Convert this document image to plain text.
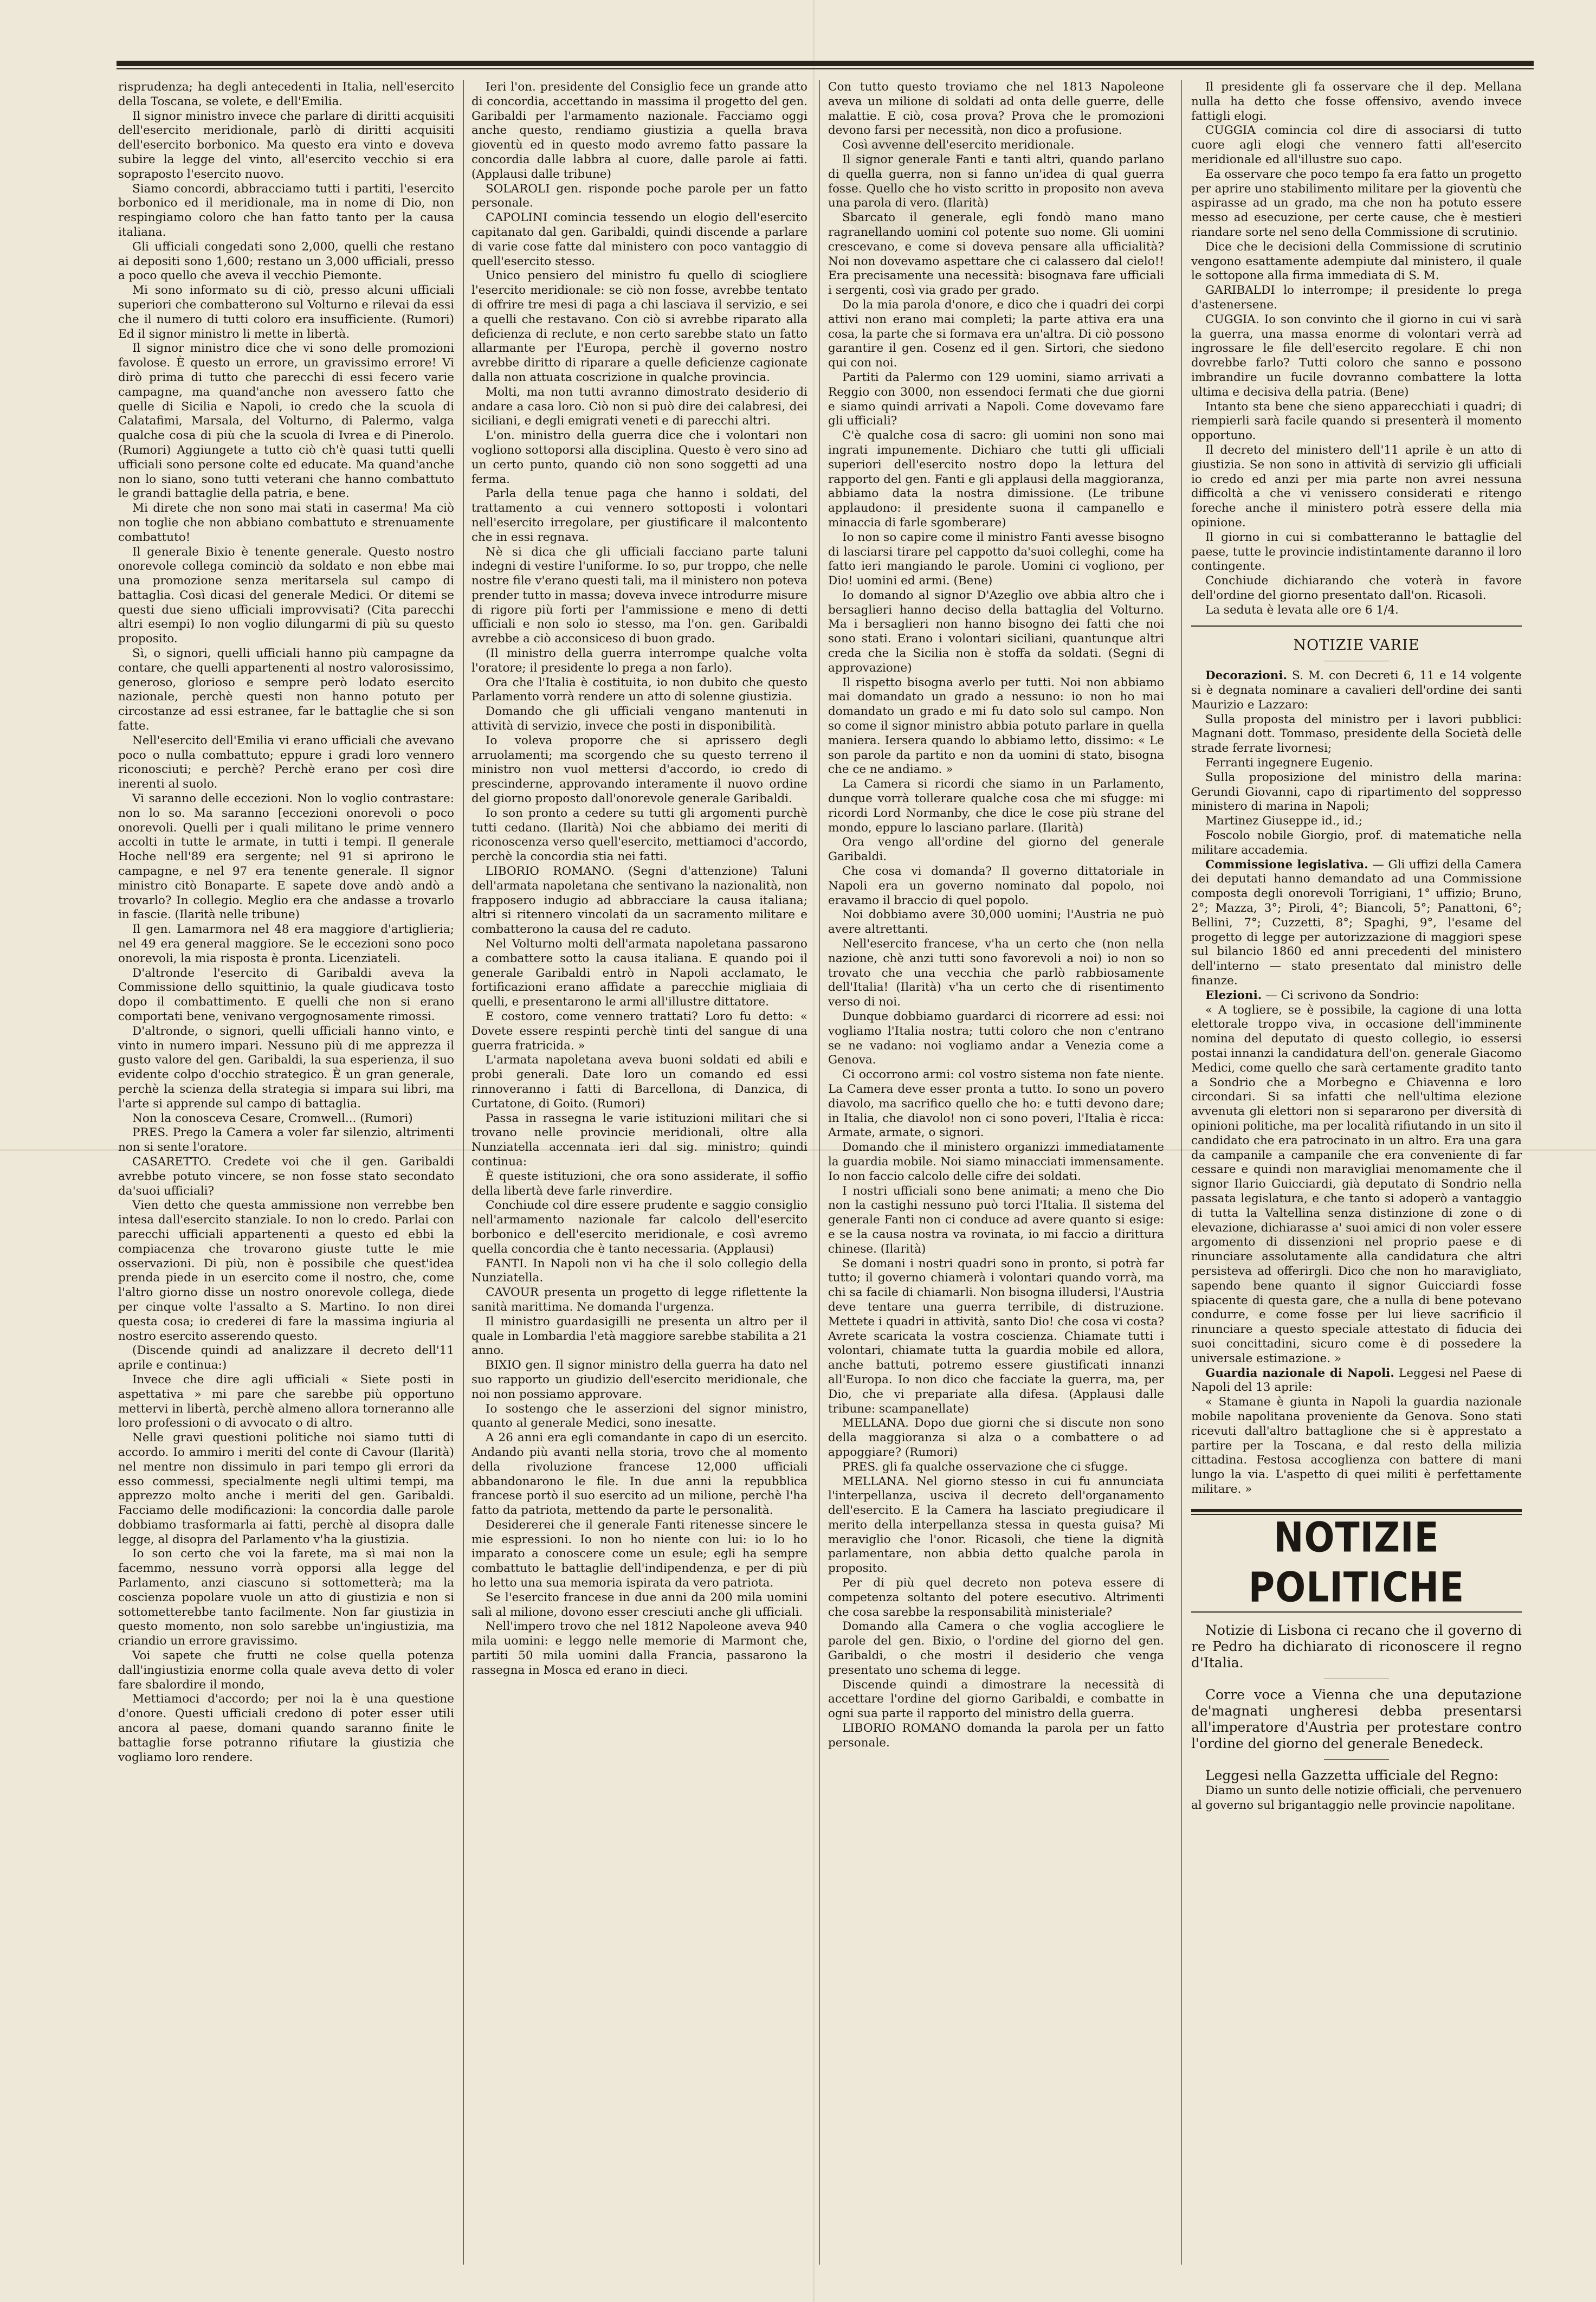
risprudenza; ha degli antecedenti in Italia, nell'esercito della Toscana, se volete, e dell'Emilia.

Il signor ministro invece che parlare di diritti acquisiti dell'esercito meridionale, parlò di diritti acquisiti dell'esercito borbonico. Ma questo era vinto e doveva subire la legge del vinto, all'esercito vecchio si era sopraposto l'esercito nuovo.

Siamo concordi, abbracciamo tutti i partiti, l'esercito borbonico ed il meridionale, ma in nome di Dio, non respingiamo coloro che han fatto tanto per la causa italiana.

Gli ufficiali congedati sono 2,000, quelli che restano ai depositi sono 1,600; restano un 3,000 ufficiali, presso a poco quello che aveva il vecchio Piemonte.

Mi sono informato su di ciò, presso alcuni ufficiali superiori che combatterono sul Volturno e rilevai da essi che il numero di tutti coloro era insufficiente. (Rumori) Ed il signor ministro li mette in libertà.

Il signor ministro dice che vi sono delle promozioni favolose. È questo un errore, un gravissimo errore! Vi dirò prima di tutto che parecchi di essi fecero varie campagne, ma quand'anche non avessero fatto che quelle di Sicilia e Napoli, io credo che la scuola di Calatafimi, Marsala, del Volturno, di Palermo, valga qualche cosa di più che la scuola di Ivrea e di Pinerolo. (Rumori) Aggiungete a tutto ciò ch'è quasi tutti quelli ufficiali sono persone colte ed educate. Ma quand'anche non lo siano, sono tutti veterani che hanno combattuto le grandi battaglie della patria, e bene.

Mi direte che non sono mai stati in caserma! Ma ciò non toglie che non abbiano combattuto e strenuamente combattuto!

Il generale Bixio è tenente generale. Questo nostro onorevole collega cominciò da soldato e non ebbe mai una promozione senza meritarsela sul campo di battaglia. Così dicasi del generale Medici. Or ditemi se questi due sieno ufficiali improvvisati? (Cita parecchi altri esempi) Io non voglio dilungarmi di più su questo proposito.

Sì, o signori, quelli ufficiali hanno più campagne da contare, che quelli appartenenti al nostro valorosissimo, generoso, glorioso e sempre però lodato esercito nazionale, perchè questi non hanno potuto per circostanze ad essi estranee, far le battaglie che si son fatte.

Nell'esercito dell'Emilia vi erano ufficiali che avevano poco o nulla combattuto; eppure i gradi loro vennero riconosciuti; e perchè? Perchè erano per così dire inerenti al suolo.

Vi saranno delle eccezioni. Non lo voglio contrastare: non lo so. Ma saranno [eccezioni onorevoli o poco onorevoli. Quelli per i quali militano le prime vennero accolti in tutte le armate, in tutti i tempi. Il generale Hoche nell'89 era sergente; nel 91 si aprirono le campagne, e nel 97 era tenente generale. Il signor ministro citò Bonaparte. E sapete dove andò andò a trovarlo? In collegio. Meglio era che andasse a trovarlo in fascie. (Ilarità nelle tribune)

Il gen. Lamarmora nel 48 era maggiore d'artiglieria; nel 49 era general maggiore. Se le eccezioni sono poco onorevoli, la mia risposta è pronta. Licenziateli.

D'altronde l'esercito di Garibaldi aveva la Commissione dello squittinio, la quale giudicava tosto dopo il combattimento. E quelli che non si erano comportati bene, venivano vergognosamente rimossi.

D'altronde, o signori, quelli ufficiali hanno vinto, e vinto in numero impari. Nessuno più di me apprezza il gusto valore del gen. Garibaldi, la sua esperienza, il suo evidente colpo d'occhio strategico. È un gran generale, perchè la scienza della strategia si impara sui libri, ma l'arte si apprende sul campo di battaglia.

Non la conosceva Cesare, Cromwell... (Rumori)

PRES. Prego la Camera a voler far silenzio, altrimenti non si sente l'oratore.

CASARETTO. Credete voi che il gen. Garibaldi avrebbe potuto vincere, se non fosse stato secondato da'suoi ufficiali?

Vien detto che questa ammissione non verrebbe ben intesa dall'esercito stanziale. Io non lo credo. Parlai con parecchi ufficiali appartenenti a questo ed ebbi la compiacenza che trovarono giuste tutte le mie osservazioni. Di più, non è possibile che quest'idea prenda piede in un esercito come il nostro, che, come l'altro giorno disse un nostro onorevole collega, diede per cinque volte l'assalto a S. Martino. Io non direi questa cosa; io crederei di fare la massima ingiuria al nostro esercito asserendo questo.

(Discende quindi ad analizzare il decreto dell'11 aprile e continua:)

Invece che dire agli ufficiali « Siete posti in aspettativa » mi pare che sarebbe più opportuno mettervi in libertà, perchè almeno allora torneranno alle loro professioni o di avvocato o di altro.

Nelle gravi questioni politiche noi siamo tutti di accordo. Io ammiro i meriti del conte di Cavour (Ilarità) nel mentre non dissimulo in pari tempo gli errori da esso commessi, specialmente negli ultimi tempi, ma apprezzo molto anche i meriti del gen. Garibaldi. Facciamo delle modificazioni: la concordia dalle parole dobbiamo trasformarla ai fatti, perchè al disopra dalle legge, al disopra del Parlamento v'ha la giustizia.

Io son certo che voi la farete, ma sì mai non la facemmo, nessuno vorrà opporsi alla legge del Parlamento, anzi ciascuno si sottometterà; ma la coscienza popolare vuole un atto di giustizia e non si sottometterebbe tanto facilmente. Non far giustizia in questo momento, non solo sarebbe un'ingiustizia, ma criandio un errore gravissimo.

Voi sapete che frutti ne colse quella potenza dall'ingiustizia enorme colla quale aveva detto di voler fare sbalordire il mondo,

Mettiamoci d'accordo; per noi la è una questione d'onore. Questi ufficiali credono di poter esser utili ancora al paese, domani quando saranno finite le battaglie forse potranno rifiutare la giustizia che vogliamo loro rendere.

Ieri l'on. presidente del Consiglio fece un grande atto di concordia, accettando in massima il progetto del gen. Garibaldi per l'armamento nazionale. Facciamo oggi anche questo, rendiamo giustizia a quella brava gioventù ed in questo modo avremo fatto passare la concordia dalle labbra al cuore, dalle parole ai fatti. (Applausi dalle tribune)

SOLAROLI gen. risponde poche parole per un fatto personale.

CAPOLINI comincia tessendo un elogio dell'esercito capitanato dal gen. Garibaldi, quindi discende a parlare di varie cose fatte dal ministero con poco vantaggio di quell'esercito stesso.

Unico pensiero del ministro fu quello di sciogliere l'esercito meridionale: se ciò non fosse, avrebbe tentato di offrire tre mesi di paga a chi lasciava il servizio, e sei a quelli che restavano. Con ciò si avrebbe riparato alla deficienza di reclute, e non certo sarebbe stato un fatto allarmante per l'Europa, perchè il governo nostro avrebbe diritto di riparare a quelle deficienze cagionate dalla non attuata coscrizione in qualche provincia.

Molti, ma non tutti avranno dimostrato desiderio di andare a casa loro. Ciò non si può dire dei calabresi, dei siciliani, e degli emigrati veneti e di parecchi altri.

L'on. ministro della guerra dice che i volontari non vogliono sottoporsi alla disciplina. Questo è vero sino ad un certo punto, quando ciò non sono soggetti ad una ferma.

Parla della tenue paga che hanno i soldati, del trattamento a cui vennero sottoposti i volontari nell'esercito irregolare, per giustificare il malcontento che in essi regnava.

Nè si dica che gli ufficiali facciano parte taluni indegni di vestire l'uniforme. Io so, pur troppo, che nelle nostre file v'erano questi tali, ma il ministero non poteva prender tutto in massa; doveva invece introdurre misure di rigore più forti per l'ammissione e meno di detti ufficiali e non solo io stesso, ma l'on. gen. Garibaldi avrebbe a ciò acconsiceso di buon grado.

(Il ministro della guerra interrompe qualche volta l'oratore; il presidente lo prega a non farlo).

Ora che l'Italia è costituita, io non dubito che questo Parlamento vorrà rendere un atto di solenne giustizia.

Domando che gli ufficiali vengano mantenuti in attività di servizio, invece che posti in disponibilità.

Io voleva proporre che si aprissero degli arruolamenti; ma scorgendo che su questo terreno il ministro non vuol mettersi d'accordo, io credo di prescinderne, approvando interamente il nuovo ordine del giorno proposto dall'onorevole generale Garibaldi.

Io son pronto a cedere su tutti gli argomenti purchè tutti cedano. (Ilarità) Noi che abbiamo dei meriti di riconoscenza verso quell'esercito, mettiamoci d'accordo, perchè la concordia stia nei fatti.

LIBORIO ROMANO. (Segni d'attenzione) Taluni dell'armata napoletana che sentivano la nazionalità, non frapposero indugio ad abbracciare la causa italiana; altri si ritennero vincolati da un sacramento militare e combatterono la causa del re caduto.

Nel Volturno molti dell'armata napoletana passarono a combattere sotto la causa italiana. E quando poi il generale Garibaldi entrò in Napoli acclamato, le fortificazioni erano affidate a parecchie migliaia di quelli, e presentarono le armi all'illustre dittatore.

E costoro, come vennero trattati? Loro fu detto: « Dovete essere respinti perchè tinti del sangue di una guerra fratricida. »

L'armata napoletana aveva buoni soldati ed abili e probi generali. Date loro un comando ed essi rinnoveranno i fatti di Barcellona, di Danzica, di Curtatone, di Goito. (Rumori)

Passa in rassegna le varie istituzioni militari che si trovano nelle provincie meridionali, oltre alla Nunziatella accennata ieri dal sig. ministro; quindi continua:

È queste istituzioni, che ora sono assiderate, il soffio della libertà deve farle rinverdire.

Conchiude col dire essere prudente e saggio consiglio nell'armamento nazionale far calcolo dell'esercito borbonico e dell'esercito meridionale, e così avremo quella concordia che è tanto necessaria. (Applausi)

FANTI. In Napoli non vi ha che il solo collegio della Nunziatella.

CAVOUR presenta un progetto di legge riflettente la sanità marittima. Ne domanda l'urgenza.

Il ministro guardasigilli ne presenta un altro per il quale in Lombardia l'età maggiore sarebbe stabilita a 21 anno.

BIXIO gen. Il signor ministro della guerra ha dato nel suo rapporto un giudizio dell'esercito meridionale, che noi non possiamo approvare.

Io sostengo che le asserzioni del signor ministro, quanto al generale Medici, sono inesatte.

A 26 anni era egli comandante in capo di un esercito. Andando più avanti nella storia, trovo che al momento della rivoluzione francese 12,000 ufficiali abbandonarono le file. In due anni la repubblica francese portò il suo esercito ad un milione, perchè l'ha fatto da patriota, mettendo da parte le personalità.

Desidererei che il generale Fanti ritenesse sincere le mie espressioni. Io non ho niente con lui: io lo ho imparato a conoscere come un esule; egli ha sempre combattuto le battaglie dell'indipendenza, e per di più ho letto una sua memoria ispirata da vero patriota.

Se l'esercito francese in due anni da 200 mila uomini salì al milione, dovono esser cresciuti anche gli ufficiali.

Nell'impero trovo che nel 1812 Napoleone aveva 940 mila uomini: e leggo nelle memorie di Marmont che, partiti 50 mila uomini dalla Francia, passarono la rassegna in Mosca ed erano in dieci.

Con tutto questo troviamo che nel 1813 Napoleone aveva un milione di soldati ad onta delle guerre, delle malattie. E ciò, cosa prova? Prova che le promozioni devono farsi per necessità, non dico a profusione.

Così avvenne dell'esercito meridionale.

Il signor generale Fanti e tanti altri, quando parlano di quella guerra, non si fanno un'idea di qual guerra fosse. Quello che ho visto scritto in proposito non aveva una parola di vero. (Ilarità)

Sbarcato il generale, egli fondò mano mano ragranellando uomini col potente suo nome. Gli uomini crescevano, e come si doveva pensare alla ufficialità? Noi non dovevamo aspettare che ci calassero dal cielo!! Era precisamente una necessità: bisognava fare ufficiali i sergenti, così via grado per grado.

Do la mia parola d'onore, e dico che i quadri dei corpi attivi non erano mai completi; la parte attiva era una cosa, la parte che si formava era un'altra. Di ciò possono garantire il gen. Cosenz ed il gen. Sirtori, che siedono qui con noi.

Partiti da Palermo con 129 uomini, siamo arrivati a Reggio con 3000, non essendoci fermati che due giorni e siamo quindi arrivati a Napoli. Come dovevamo fare gli ufficiali?

C'è qualche cosa di sacro: gli uomini non sono mai ingrati impunemente. Dichiaro che tutti gli ufficiali superiori dell'esercito nostro dopo la lettura del rapporto del gen. Fanti e gli applausi della maggioranza, abbiamo data la nostra dimissione. (Le tribune applaudono: il presidente suona il campanello e minaccia di farle sgomberare)

Io non so capire come il ministro Fanti avesse bisogno di lasciarsi tirare pel cappotto da'suoi colleghi, come ha fatto ieri mangiando le parole. Uomini ci vogliono, per Dio! uomini ed armi. (Bene)

Io domando al signor D'Azeglio ove abbia altro che i bersaglieri hanno deciso della battaglia del Volturno. Ma i bersaglieri non hanno bisogno dei fatti che noi sono stati. Erano i volontari siciliani, quantunque altri creda che la Sicilia non è stoffa da soldati. (Segni di approvazione)

Il rispetto bisogna averlo per tutti. Noi non abbiamo mai domandato un grado a nessuno: io non ho mai domandato un grado e mi fu dato solo sul campo. Non so come il signor ministro abbia potuto parlare in quella maniera. Iersera quando lo abbiamo letto, dissimo: « Le son parole da partito e non da uomini di stato, bisogna che ce ne andiamo. »

La Camera si ricordi che siamo in un Parlamento, dunque vorrà tollerare qualche cosa che mi sfugge: mi ricordi Lord Normanby, che dice le cose più strane del mondo, eppure lo lasciano parlare. (Ilarità)

Ora vengo all'ordine del giorno del generale Garibaldi.

Che cosa vi domanda? Il governo dittatoriale in Napoli era un governo nominato dal popolo, noi eravamo il braccio di quel popolo.

Noi dobbiamo avere 30,000 uomini; l'Austria ne può avere altrettanti.

Nell'esercito francese, v'ha un certo che (non nella nazione, chè anzi tutti sono favorevoli a noi) io non so trovato che una vecchia che parlò rabbiosamente dell'Italia! (Ilarità) v'ha un certo che di risentimento verso di noi.

Dunque dobbiamo guardarci di ricorrere ad essi: noi vogliamo l'Italia nostra; tutti coloro che non c'entrano se ne vadano: noi vogliamo andar a Venezia come a Genova.

Ci occorrono armi: col vostro sistema non fate niente. La Camera deve esser pronta a tutto. Io sono un povero diavolo, ma sacrifico quello che ho: e tutti devono dare; in Italia, che diavolo! non ci sono poveri, l'Italia è ricca: Armate, armate, o signori.

Domando che il ministero organizzi immediatamente la guardia mobile. Noi siamo minacciati immensamente. Io non faccio calcolo delle cifre dei soldati.

I nostri ufficiali sono bene animati; a meno che Dio non la castighi nessuno può torci l'Italia. Il sistema del generale Fanti non ci conduce ad avere quanto si esige: e se la causa nostra va rovinata, io mi faccio a dirittura chinese. (Ilarità)

Se domani i nostri quadri sono in pronto, si potrà far tutto; il governo chiamerà i volontari quando vorrà, ma chi sa facile di chiamarli. Non bisogna illudersi, l'Austria deve tentare una guerra terribile, di distruzione. Mettete i quadri in attività, santo Dio! che cosa vi costa? Avrete scaricata la vostra coscienza. Chiamate tutti i volontari, chiamate tutta la guardia mobile ed allora, anche battuti, potremo essere giustificati innanzi all'Europa. Io non dico che facciate la guerra, ma, per Dio, che vi prepariate alla difesa. (Applausi dalle tribune: scampanellate)

MELLANA. Dopo due giorni che si discute non sono della maggioranza si alza o a combattere o ad appoggiare? (Rumori)

PRES. gli fa qualche osservazione che ci sfugge.

MELLANA. Nel giorno stesso in cui fu annunciata l'interpellanza, usciva il decreto dell'organamento dell'esercito. E la Camera ha lasciato pregiudicare il merito della interpellanza stessa in questa guisa? Mi meraviglio che l'onor. Ricasoli, che tiene la dignità parlamentare, non abbia detto qualche parola in proposito.

Per di più quel decreto non poteva essere di competenza soltanto del potere esecutivo. Altrimenti che cosa sarebbe la responsabilità ministeriale?

Domando alla Camera o che voglia accogliere le parole del gen. Bixio, o l'ordine del giorno del gen. Garibaldi, o che mostri il desiderio che venga presentato uno schema di legge.

Discende quindi a dimostrare la necessità di accettare l'ordine del giorno Garibaldi, e combatte in ogni sua parte il rapporto del ministro della guerra.

LIBORIO ROMANO domanda la parola per un fatto personale.

Il presidente gli fa osservare che il dep. Mellana nulla ha detto che fosse offensivo, avendo invece fattigli elogi.

CUGGIA comincia col dire di associarsi di tutto cuore agli elogi che vennero fatti all'esercito meridionale ed all'illustre suo capo.

Ea osservare che poco tempo fa era fatto un progetto per aprire uno stabilimento militare per la gioventù che aspirasse ad un grado, ma che non ha potuto essere messo ad esecuzione, per certe cause, che è mestieri riandare sorte nel seno della Commissione di scrutinio.

Dice che le decisioni della Commissione di scrutinio vengono esattamente adempiute dal ministero, il quale le sottopone alla firma immediata di S. M.

GARIBALDI lo interrompe; il presidente lo prega d'astenersene.

CUGGIA. Io son convinto che il giorno in cui vi sarà la guerra, una massa enorme di volontari verrà ad ingrossare le file dell'esercito regolare. E chi non dovrebbe farlo? Tutti coloro che sanno e possono imbrandire un fucile dovranno combattere la lotta ultima e decisiva della patria. (Bene)

Intanto sta bene che sieno apparecchiati i quadri; di riempierli sarà facile quando si presenterà il momento opportuno.

Il decreto del ministero dell'11 aprile è un atto di giustizia. Se non sono in attività di servizio gli ufficiali io credo ed anzi per mia parte non avrei nessuna difficoltà a che vi venissero considerati e ritengo foreche anche il ministero potrà essere della mia opinione.

Il giorno in cui si combatteranno le battaglie del paese, tutte le provincie indistintamente daranno il loro contingente.

Conchiude dichiarando che voterà in favore dell'ordine del giorno presentato dall'on. Ricasoli.

La seduta è levata alle ore 6 1/4.

NOTIZIE VARIE

Decorazioni. S. M. con Decreti 6, 11 e 14 volgente si è degnata nominare a cavalieri dell'ordine dei santi Maurizio e Lazzaro:

Sulla proposta del ministro per i lavori pubblici: Magnani dott. Tommaso, presidente della Società delle strade ferrate livornesi;

Ferranti ingegnere Eugenio.

Sulla proposizione del ministro della marina: Gerundi Giovanni, capo di ripartimento del soppresso ministero di marina in Napoli;

Martinez Giuseppe id., id.;

Foscolo nobile Giorgio, prof. di matematiche nella militare accademia.

Commissione legislativa. — Gli uffizi della Camera dei deputati hanno demandato ad una Commissione composta degli onorevoli Torrigiani, 1° uffizio; Bruno, 2°; Mazza, 3°; Piroli, 4°; Biancoli, 5°; Panattoni, 6°; Bellini, 7°; Cuzzetti, 8°; Spaghi, 9°, l'esame del progetto di legge per autorizzazione di maggiori spese sul bilancio 1860 ed anni precedenti del ministero dell'interno — stato presentato dal ministro delle finanze.

Elezioni. — Ci scrivono da Sondrio:

« A togliere, se è possibile, la cagione di una lotta elettorale troppo viva, in occasione dell'imminente nomina del deputato di questo collegio, io essersi postai innanzi la candidatura dell'on. generale Giacomo Medici, come quello che sarà certamente gradito tanto a Sondrio che a Morbegno e Chiavenna e loro circondari. Si sa infatti che nell'ultima elezione avvenuta gli elettori non si separarono per diversità di opinioni politiche, ma per località rifiutando in un sito il candidato che era patrocinato in un altro. Era una gara da campanile a campanile che era conveniente di far cessare e quindi non maravigliai menomamente che il signor Ilario Guicciardi, già deputato di Sondrio nella passata legislatura, e che tanto si adoperò a vantaggio di tutta la Valtellina senza distinzione di zone o di elevazione, dichiarasse a' suoi amici di non voler essere argomento di dissenzioni nel proprio paese e di rinunciare assolutamente alla candidatura che altri persisteva ad offerirgli. Dico che non ho maravigliato, sapendo bene quanto il signor Guicciardi fosse spiacente di questa gare, che a nulla di bene potevano condurre, e come fosse per lui lieve sacrificio il rinunciare a questo speciale attestato di fiducia dei suoi concittadini, sicuro come è di possedere la universale estimazione. »

Guardia nazionale di Napoli. Leggesi nel Paese di Napoli del 13 aprile:

« Stamane è giunta in Napoli la guardia nazionale mobile napolitana proveniente da Genova. Sono stati ricevuti dall'altro battaglione che si è apprestato a partire per la Toscana, e dal resto della milizia cittadina. Festosa accoglienza con battere di mani lungo la via. L'aspetto di quei militi è perfettamente militare. »

NOTIZIE POLITICHE

Notizie di Lisbona ci recano che il governo di re Pedro ha dichiarato di riconoscere il regno d'Italia.

Corre voce a Vienna che una deputazione de'magnati ungheresi debba presentarsi all'imperatore d'Austria per protestare contro l'ordine del giorno del generale Benedeck.

Leggesi nella Gazzetta ufficiale del Regno:

Diamo un sunto delle notizie officiali, che pervenuero al governo sul brigantaggio nelle provincie napolitane.
